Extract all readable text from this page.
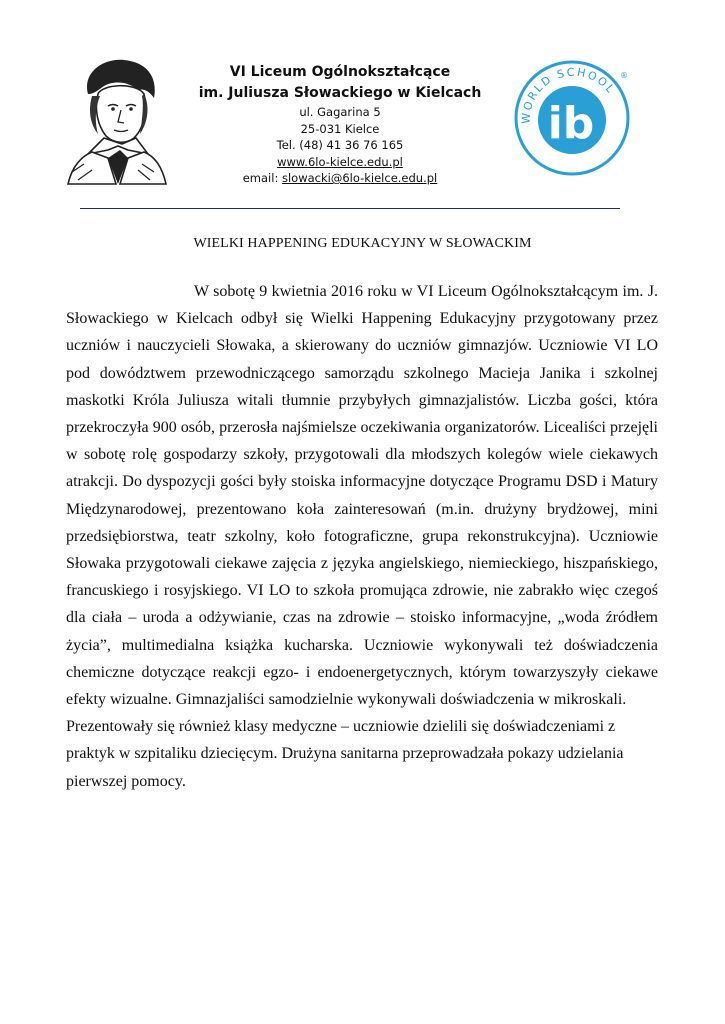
VI Liceum Ogólnokształcące
im. Juliusza Słowackiego w Kielcach
ul. Gagarina 5
25-031 Kielce
Tel. (48) 41 36 76 165
www.6lo-kielce.edu.pl
email: slowacki@6lo-kielce.edu.pl
WORLD SCHOOL
ib
®
WIELKI HAPPENING EDUKACYJNY W SŁOWACKIM

W sobotę 9 kwietnia 2016 roku w VI Liceum Ogólnokształcącym im. J. Słowackiego w Kielcach odbył się Wielki Happening Edukacyjny przygotowany przez uczniów i nauczycieli Słowaka, a skierowany do uczniów gimnazjów. Uczniowie VI LO pod dowództwem przewodniczącego samorządu szkolnego Macieja Janika i szkolnej maskotki Króla Juliusza witali tłumnie przybyłych gimnazjalistów. Liczba gości, która przekroczyła 900 osób, przerosła najśmielsze oczekiwania organizatorów. Licealiści przejęli w sobotę rolę gospodarzy szkoły, przygotowali dla młodszych kolegów wiele ciekawych atrakcji. Do dyspozycji gości były stoiska informacyjne dotyczące Programu DSD i Matury Międzynarodowej, prezentowano koła zainteresowań (m.in. drużyny brydżowej, mini przedsiębiorstwa, teatr szkolny, koło fotograficzne, grupa rekonstrukcyjna). Uczniowie Słowaka przygotowali ciekawe zajęcia z języka angielskiego, niemieckiego, hiszpańskiego, francuskiego i rosyjskiego. VI LO to szkoła promująca zdrowie, nie zabrakło więc czegoś dla ciała – uroda a odżywianie, czas na zdrowie – stoisko informacyjne, „woda źródłem życia”, multimedialna książka kucharska. Uczniowie wykonywali też doświadczenia chemiczne dotyczące reakcji egzo- i endoenergetycznych, którym towarzyszyły ciekawe efekty wizualne. Gimnazjaliści samodzielnie wykonywali doświadczenia w mikroskali.

Prezentowały się również klasy medyczne – uczniowie dzielili się doświadczeniami z praktyk w szpitaliku dziecięcym. Drużyna sanitarna przeprowadzała pokazy udzielania pierwszej pomocy.
